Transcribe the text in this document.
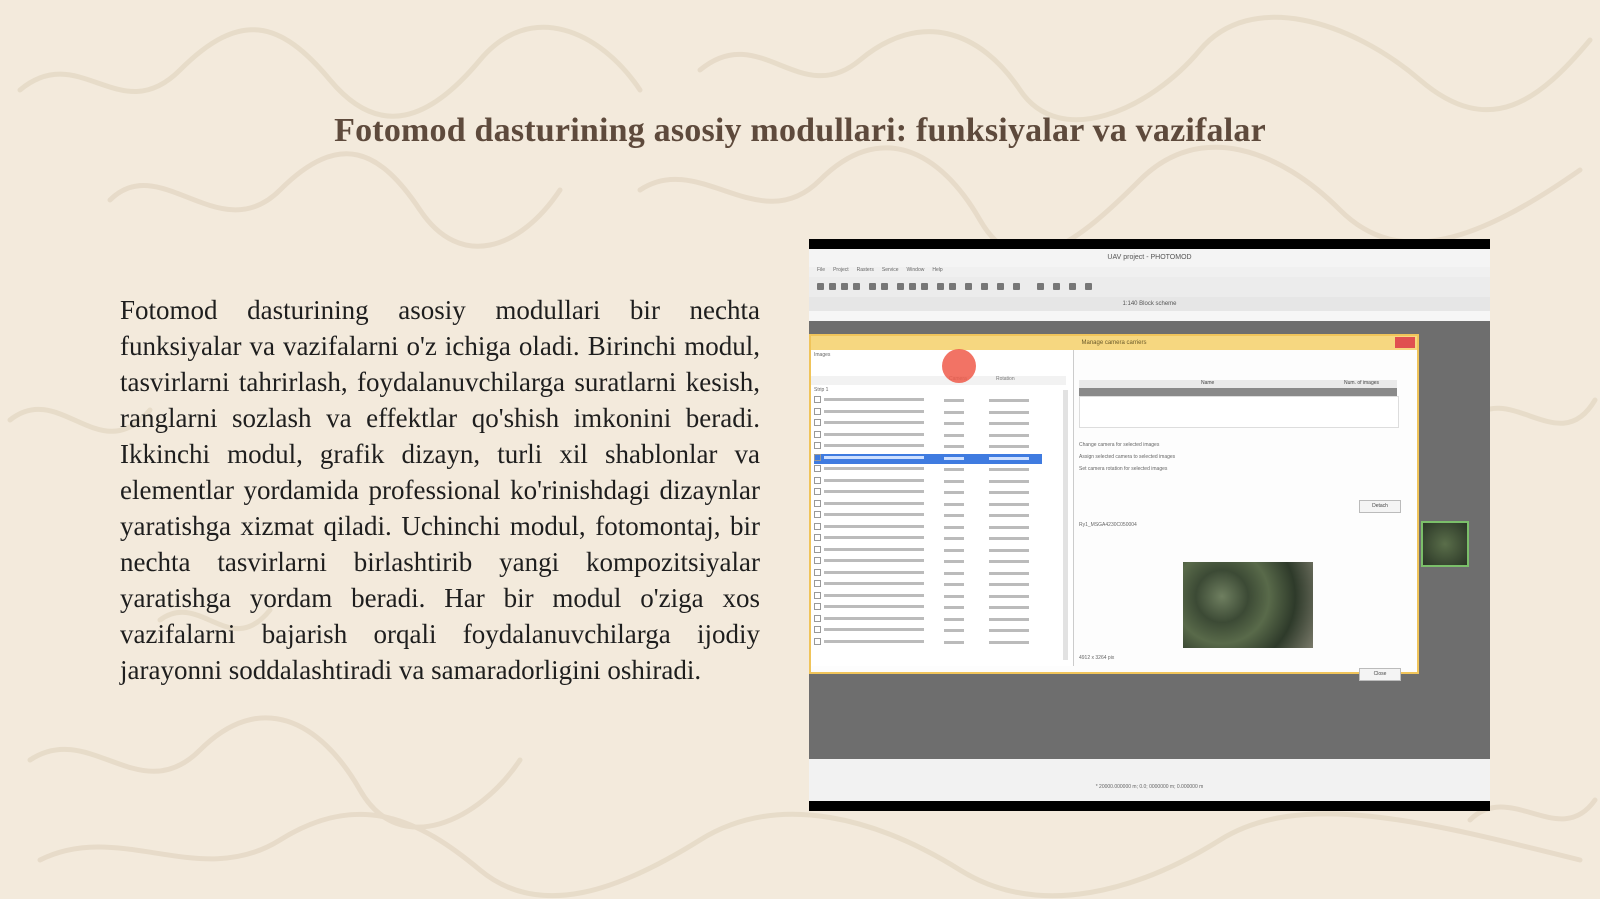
Fotomod dasturining asosiy modullari: funksiyalar va vazifalar
Fotomod dasturining asosiy modullari bir nechta funksiyalar va vazifalarni o'z ichiga oladi. Birinchi modul, tasvirlarni tahrirlash, foydalanuvchilarga suratlarni kesish, ranglarni sozlash va effektlar qo'shish imkonini beradi. Ikkinchi modul, grafik dizayn, turli xil shablonlar va elementlar yordamida professional ko'rinishdagi dizaynlar yaratishga xizmat qiladi. Uchinchi modul, fotomontaj, bir nechta tasvirlarni birlashtirib yangi kompozitsiyalar yaratishga yordam beradi. Har bir modul o'ziga xos vazifalarni bajarish orqali foydalanuvchilarga ijodiy jarayonni soddalashtiradi va samaradorligini oshiradi.
UAV project - PHOTOMOD
File Project Rasters Service Window Help
1:140 Block scheme
Manage camera carriers
Images
Rotation
Strip 1
Name	Num. of images
Change camera for selected images
Assign selected camera to selected images
Set camera rotation for selected images
Detach
Ry1_MSGA4230C050004
4912 x 3264 pix
Close
* 20000.000000 m; 0.0; 0000000 m; 0.000000 m
